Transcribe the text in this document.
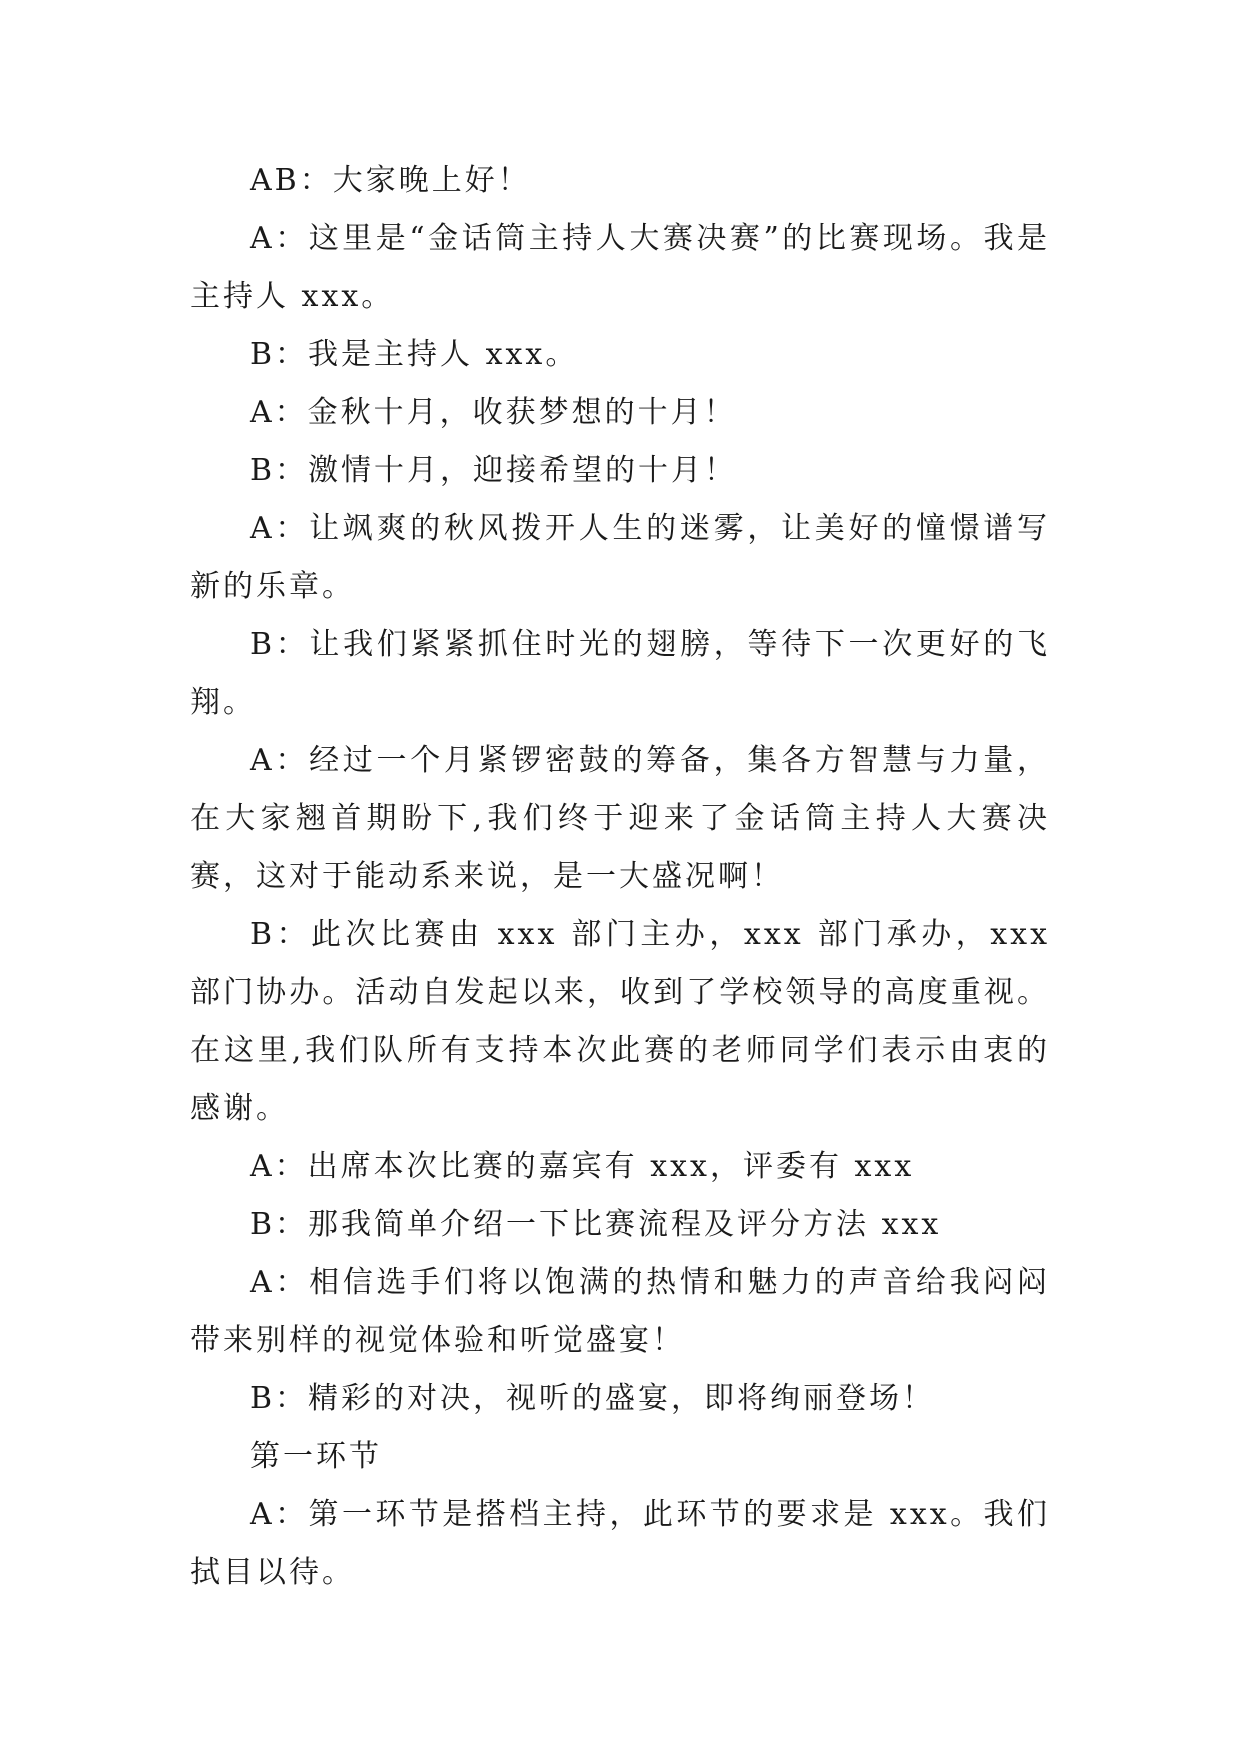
AB：大家晚上好！

A：这里是“金话筒主持人大赛决赛”的比赛现场。我是主持人 xxx。

B：我是主持人 xxx。

A：金秋十月，收获梦想的十月！

B：激情十月，迎接希望的十月！

A：让飒爽的秋风拨开人生的迷雾，让美好的憧憬谱写新的乐章。

B：让我们紧紧抓住时光的翅膀，等待下一次更好的飞翔。

A：经过一个月紧锣密鼓的筹备，集各方智慧与力量，在大家翘首期盼下,我们终于迎来了金话筒主持人大赛决赛，这对于能动系来说，是一大盛况啊！

B：此次比赛由 xxx 部门主办，xxx 部门承办，xxx 部门协办。活动自发起以来，收到了学校领导的高度重视。在这里,我们队所有支持本次此赛的老师同学们表示由衷的感谢。

A：出席本次比赛的嘉宾有 xxx，评委有 xxx

B：那我简单介绍一下比赛流程及评分方法 xxx

A：相信选手们将以饱满的热情和魅力的声音给我闷闷带来别样的视觉体验和听觉盛宴！

B：精彩的对决，视听的盛宴，即将绚丽登场！

第一环节

A：第一环节是搭档主持，此环节的要求是 xxx。我们拭目以待。
